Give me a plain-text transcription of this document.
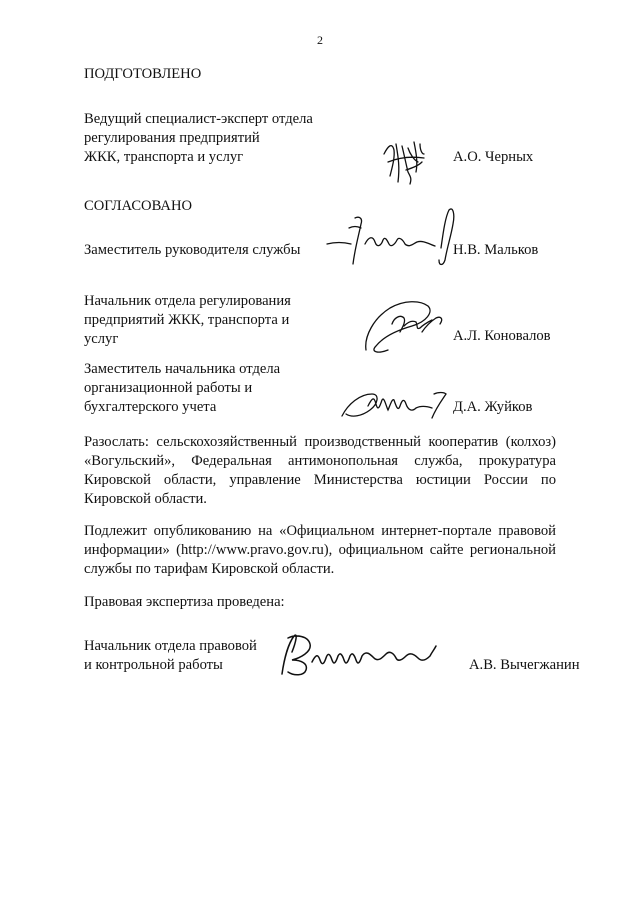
2
ПОДГОТОВЛЕНО
Ведущий специалист-эксперт отдела
регулирования предприятий
ЖКК, транспорта и услуг	А.О. Черных
СОГЛАСОВАНО
Заместитель руководителя службы	Н.В. Мальков
Начальник отдела регулирования
предприятий ЖКК, транспорта и
услуг	А.Л. Коновалов
Заместитель начальника отдела
организационной работы и
бухгалтерского учета	Д.А. Жуйков
Разослать: сельскохозяйственный производственный кооператив (колхоз)
«Вогульский», Федеральная антимонопольная служба, прокуратура
Кировской области, управление Министерства юстиции России по
Кировской области.
Подлежит опубликованию на «Официальном интернет-портале правовой
информации» (http://www.pravo.gov.ru), официальном сайте региональной
службы по тарифам Кировской области.
Правовая экспертиза проведена:
Начальник отдела правовой
и контрольной работы	А.В. Вычегжанин
